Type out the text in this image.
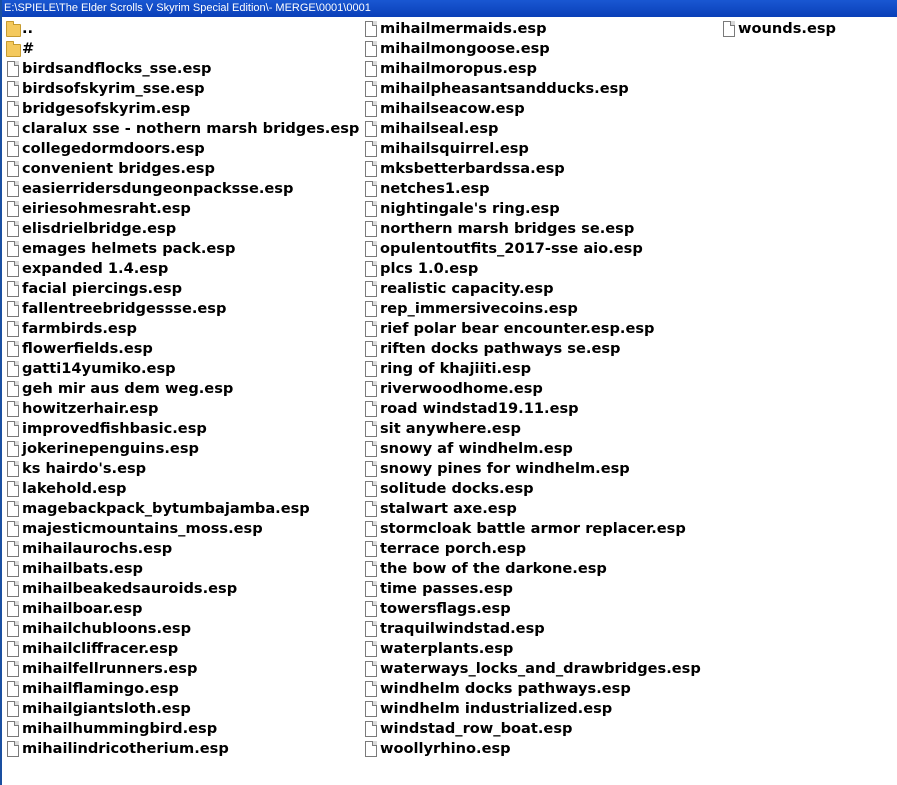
E:\SPIELE\The Elder Scrolls V Skyrim Special Edition\- MERGE\0001\0001
..
#
birdsandflocks_sse.esp
birdsofskyrim_sse.esp
bridgesofskyrim.esp
claralux sse - nothern marsh bridges.esp
collegedormdoors.esp
convenient bridges.esp
easierridersdungeonpacksse.esp
eiriesohmesraht.esp
elisdrielbridge.esp
emages helmets pack.esp
expanded 1.4.esp
facial piercings.esp
fallentreebridgessse.esp
farmbirds.esp
flowerfields.esp
gatti14yumiko.esp
geh mir aus dem weg.esp
howitzerhair.esp
improvedfishbasic.esp
jokerinepenguins.esp
ks hairdo's.esp
lakehold.esp
magebackpack_bytumbajamba.esp
majesticmountains_moss.esp
mihailaurochs.esp
mihailbats.esp
mihailbeakedsauroids.esp
mihailboar.esp
mihailchubloons.esp
mihailcliffracer.esp
mihailfellrunners.esp
mihailflamingo.esp
mihailgiantsloth.esp
mihailhummingbird.esp
mihailindricotherium.esp
mihailmermaids.esp
mihailmongoose.esp
mihailmoropus.esp
mihailpheasantsandducks.esp
mihailseacow.esp
mihailseal.esp
mihailsquirrel.esp
mksbetterbardssa.esp
netches1.esp
nightingale's ring.esp
northern marsh bridges se.esp
opulentoutfits_2017-sse aio.esp
plcs 1.0.esp
realistic capacity.esp
rep_immersivecoins.esp
rief polar bear encounter.esp.esp
riften docks pathways se.esp
ring of khajiiti.esp
riverwoodhome.esp
road windstad19.11.esp
sit anywhere.esp
snowy af windhelm.esp
snowy pines for windhelm.esp
solitude docks.esp
stalwart axe.esp
stormcloak battle armor replacer.esp
terrace porch.esp
the bow of the darkone.esp
time passes.esp
towersflags.esp
traquilwindstad.esp
waterplants.esp
waterways_locks_and_drawbridges.esp
windhelm docks pathways.esp
windhelm industrialized.esp
windstad_row_boat.esp
woollyrhino.esp
wounds.esp
